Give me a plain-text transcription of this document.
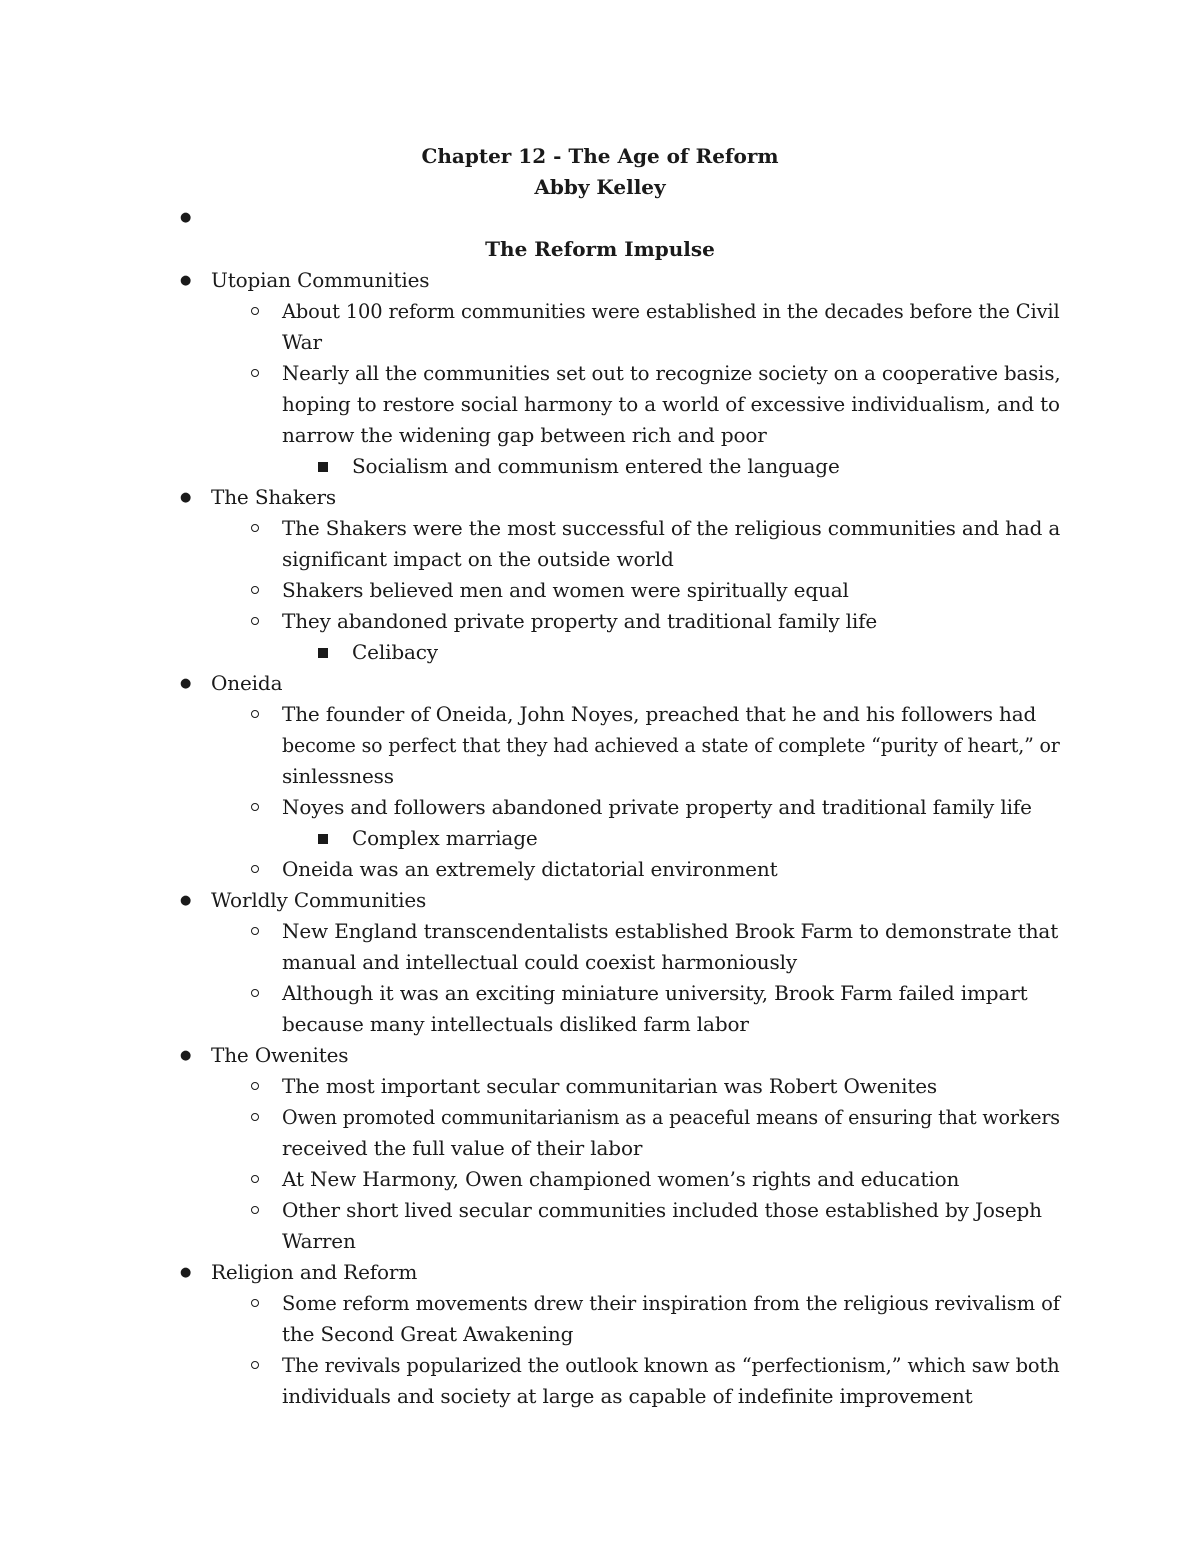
Chapter 12 - The Age of Reform
Abby Kelley
●
The Reform Impulse
● Utopian Communities
About 100 reform communities were established in the decades before the Civil
War
Nearly all the communities set out to recognize society on a cooperative basis,
hoping to restore social harmony to a world of excessive individualism, and to
narrow the widening gap between rich and poor
Socialism and communism entered the language
● The Shakers
The Shakers were the most successful of the religious communities and had a
significant impact on the outside world
Shakers believed men and women were spiritually equal
They abandoned private property and traditional family life
Celibacy
● Oneida
The founder of Oneida, John Noyes, preached that he and his followers had
become so perfect that they had achieved a state of complete “purity of heart,” or
sinlessness
Noyes and followers abandoned private property and traditional family life
Complex marriage
Oneida was an extremely dictatorial environment
● Worldly Communities
New England transcendentalists established Brook Farm to demonstrate that
manual and intellectual could coexist harmoniously
Although it was an exciting miniature university, Brook Farm failed impart
because many intellectuals disliked farm labor
● The Owenites
The most important secular communitarian was Robert Owenites
Owen promoted communitarianism as a peaceful means of ensuring that workers
received the full value of their labor
At New Harmony, Owen championed women’s rights and education
Other short lived secular communities included those established by Joseph
Warren
● Religion and Reform
Some reform movements drew their inspiration from the religious revivalism of
the Second Great Awakening
The revivals popularized the outlook known as “perfectionism,” which saw both
individuals and society at large as capable of indefinite improvement
